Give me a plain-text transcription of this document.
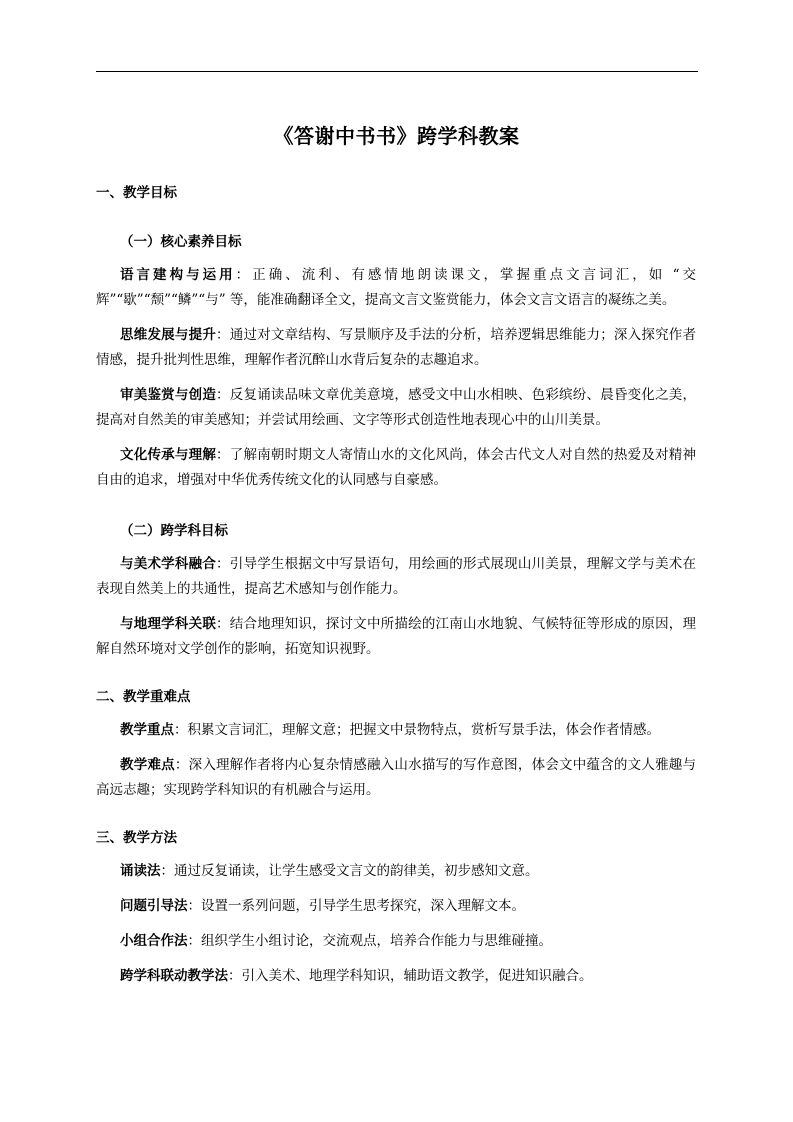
《答谢中书书》跨学科教案
一、教学目标
（一）核心素养目标

语言建构与运用：正确、流利、有感情地朗读课文，掌握重点文言词汇，如 “交辉”“歇”“颓”“鳞”“与” 等，能准确翻译全文，提高文言文鉴赏能力，体会文言文语言的凝练之美。

思维发展与提升：通过对文章结构、写景顺序及手法的分析，培养逻辑思维能力；深入探究作者情感，提升批判性思维，理解作者沉醉山水背后复杂的志趣追求。

审美鉴赏与创造：反复诵读品味文章优美意境，感受文中山水相映、色彩缤纷、晨昏变化之美，提高对自然美的审美感知；并尝试用绘画、文字等形式创造性地表现心中的山川美景。

文化传承与理解：了解南朝时期文人寄情山水的文化风尚，体会古代文人对自然的热爱及对精神自由的追求，增强对中华优秀传统文化的认同感与自豪感。

（二）跨学科目标

与美术学科融合：引导学生根据文中写景语句，用绘画的形式展现山川美景，理解文学与美术在表现自然美上的共通性，提高艺术感知与创作能力。

与地理学科关联：结合地理知识，探讨文中所描绘的江南山水地貌、气候特征等形成的原因，理解自然环境对文学创作的影响，拓宽知识视野。

二、教学重难点

教学重点：积累文言词汇，理解文意；把握文中景物特点，赏析写景手法，体会作者情感。

教学难点：深入理解作者将内心复杂情感融入山水描写的写作意图，体会文中蕴含的文人雅趣与高远志趣；实现跨学科知识的有机融合与运用。

三、教学方法

诵读法：通过反复诵读，让学生感受文言文的韵律美，初步感知文意。

问题引导法：设置一系列问题，引导学生思考探究，深入理解文本。

小组合作法：组织学生小组讨论，交流观点，培养合作能力与思维碰撞。

跨学科联动教学法：引入美术、地理学科知识，辅助语文教学，促进知识融合。
